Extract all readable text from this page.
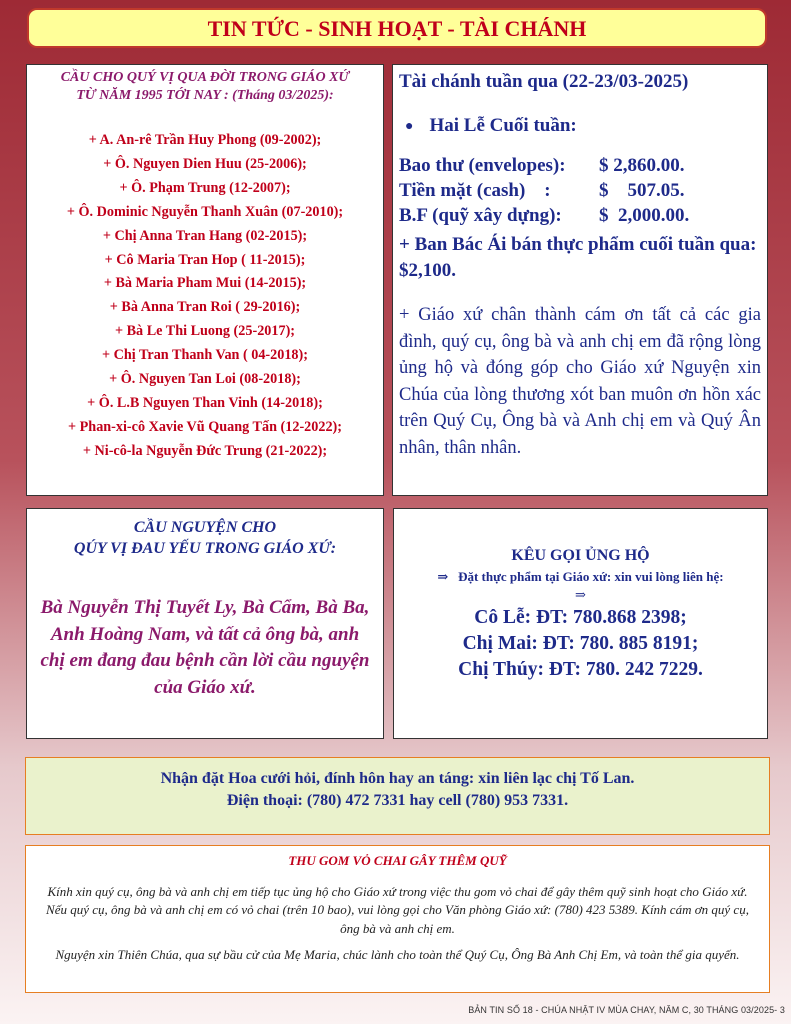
TIN TỨC - SINH HOẠT - TÀI CHÁNH
CẦU CHO QUÝ VỊ QUA ĐỜI TRONG GIÁO XỨ
TỪ NĂM 1995 TỚI NAY : (Tháng 03/2025):
+ A. An-rê Trần Huy Phong (09-2002);
+ Ô. Nguyen Dien Huu (25-2006);
+ Ô. Phạm Trung (12-2007);
+ Ô. Dominic Nguyễn Thanh Xuân (07-2010);
+ Chị Anna Tran Hang (02-2015);
+ Cô Maria Tran Hop ( 11-2015);
+ Bà Maria Pham Mui (14-2015);
+ Bà Anna Tran Roi ( 29-2016);
+ Bà Le Thi Luong (25-2017);
+ Chị Tran Thanh Van ( 04-2018);
+ Ô. Nguyen Tan Loi (08-2018);
+ Ô. L.B Nguyen Than Vinh (14-2018);
+ Phan-xi-cô Xavie Vũ Quang Tấn (12-2022);
+ Ni-cô-la Nguyễn Đức Trung (21-2022);
Tài chánh tuần qua (22-23/03-2025)
● Hai Lễ Cuối tuần:
Bao thư (envelopes):	$ 2,860.00.
Tiền mặt (cash)    :	$    507.05.
B.F (quỹ xây dựng):	$  2,000.00.
+ Ban Bác Ái bán thực phẩm cuối tuần qua: $2,100.
+ Giáo xứ chân thành cám ơn tất cả các gia đình, quý cụ, ông bà và anh chị em đã rộng lòng ủng hộ và đóng góp cho Giáo xứ Nguyện xin Chúa của lòng thương xót ban muôn ơn hồn xác trên Quý Cụ, Ông bà và Anh chị em và Quý Ân nhân, thân nhân.
CẦU NGUYỆN CHO
QÚY VỊ ĐAU YẾU TRONG GIÁO XỨ:
Bà Nguyễn Thị Tuyết Ly, Bà Cẩm, Bà Ba, Anh Hoàng Nam, và tất cả ông bà, anh chị em đang đau bệnh cần lời cầu nguyện của Giáo xứ.
KÊU GỌI ỦNG HỘ
⇒ Đặt thực phẩm tại Giáo xứ: xin vui lòng liên hệ:
⇒
Cô Lễ: ĐT: 780.868 2398;
Chị Mai: ĐT: 780. 885 8191;
Chị Thúy: ĐT: 780. 242 7229.
Nhận đặt Hoa cưới hỏi, đính hôn hay an táng: xin liên lạc chị Tố Lan.
Điện thoại: (780) 472 7331 hay cell (780) 953 7331.
THU GOM VỎ CHAI GÂY THÊM QUỸ

Kính xin quý cụ, ông bà và anh chị em tiếp tục ủng hộ cho Giáo xứ trong việc thu gom vỏ chai để gây thêm quỹ sinh hoạt cho Giáo xứ. Nếu quý cụ, ông bà và anh chị em có vỏ chai (trên 10 bao), vui lòng gọi cho Văn phòng Giáo xứ: (780) 423 5389. Kính cám ơn quý cụ, ông bà và anh chị em.

Nguyện xin Thiên Chúa, qua sự bầu cử của Mẹ Maria, chúc lành cho toàn thể Quý Cụ, Ông Bà Anh Chị Em, và toàn thể gia quyến.

BẢN TIN SỐ 18 - CHÚA NHẬT IV MÙA CHAY, NĂM C, 30 THÁNG 03/2025- 3
